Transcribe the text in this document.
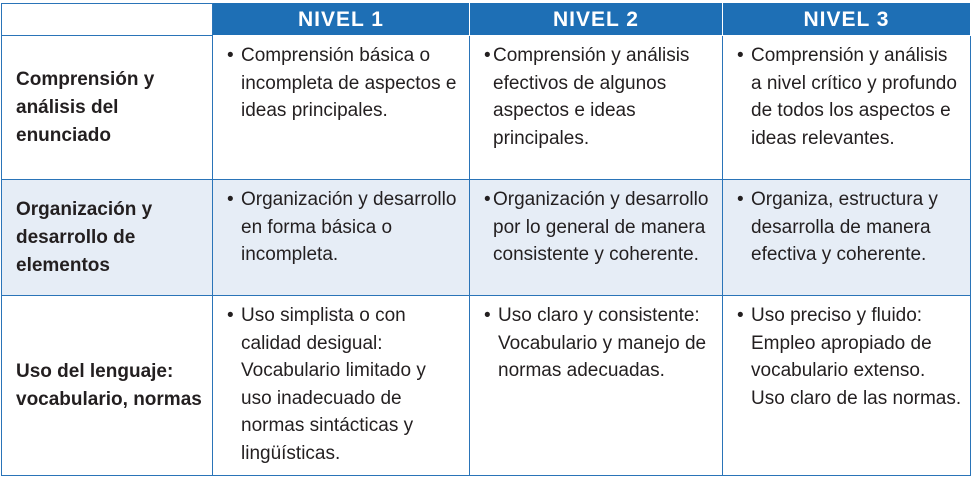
	NIVEL 1	NIVEL 2	NIVEL 3
Comprensión y análisis del enunciado	• Comprensión básica o incompleta de aspectos e ideas principales.	• Comprensión y análisis efectivos de algunos aspectos e ideas principales.	• Comprensión y análisis a nivel crítico y profundo de todos los aspectos e ideas relevantes.

Organización y desarrollo de elementos	• Organización y desarrollo en forma básica o incompleta.	• Organización y desarrollo por lo general de manera consistente y coherente.	• Organiza, estructura y desarrolla de manera efectiva y coherente.

Uso del lenguaje: vocabulario, normas	• Uso simplista o con calidad desigual: Vocabulario limitado y uso inadecuado de normas sintácticas y lingüísticas.	• Uso claro y consistente: Vocabulario y manejo de normas adecuadas.	• Uso preciso y fluido: Empleo apropiado de vocabulario extenso. Uso claro de las normas.
